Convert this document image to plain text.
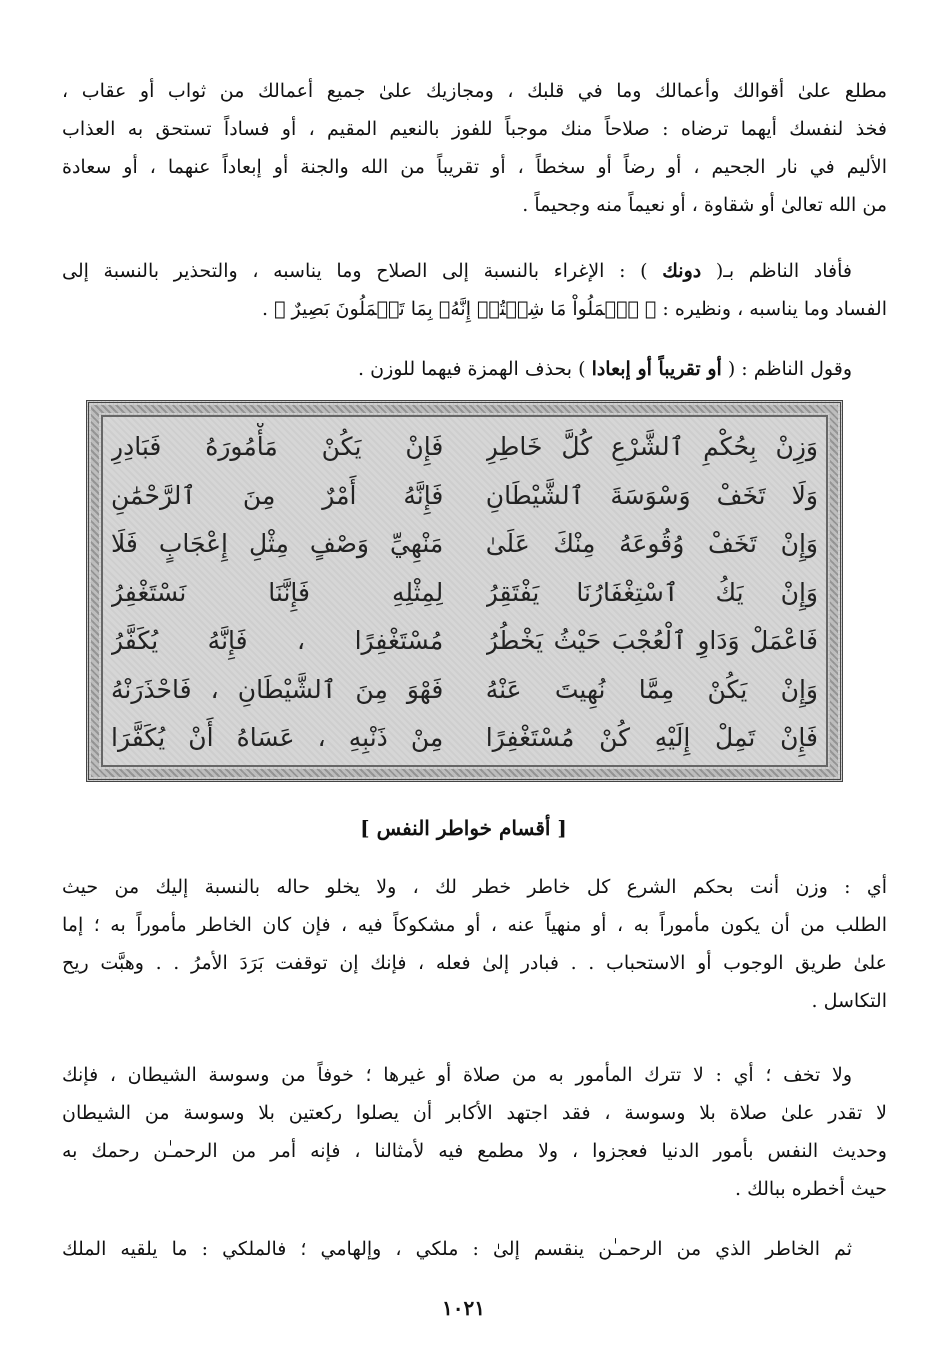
مطلع علىٰ أقوالك وأعمالك وما في قلبك ، ومجازيك علىٰ جميع أعمالك من ثواب أو عقاب ،
فخذ لنفسك أيهما ترضاه : صلاحاً منك موجباً للفوز بالنعيم المقيم ، أو فساداً تستحق به العذاب
الأليم في نار الجحيم ، أو رضاً أو سخطاً ، أو تقريباً من الله والجنة أو إبعاداً عنهما ، أو سعادة
من الله تعالىٰ أو شقاوة ، أو نعيماً منه وجحيماً .
فأفاد الناظم بـ( دونك ) : الإغراء بالنسبة إلى الصلاح وما يناسبه ، والتحذير بالنسبة إلى
الفساد وما يناسبه ، ونظيره : ﴿ ٱعۡمَلُواْ مَا شِئۡتُمۡ إِنَّهُۥ بِمَا تَعۡمَلُونَ بَصِيرٌ ﴾ .
وقول الناظم : ( أو تقريباً أو إبعادا ) بحذف الهمزة فيهما للوزن .
وَزِنْ بِحُكْمِ ٱلشَّرْعِ كُلَّ خَاطِرِ
فَإِنْ يَكُنْ مَأْمُورَهُ فَبَادِرِ
وَلَا تَخَفْ وَسْوَسَةَ ٱلشَّيْطَانِ
فَإِنَّهُ أَمْرٌ مِنَ ٱلرَّحْمَٰنِ
وَإِنْ تَخَفْ وُقُوعَهُ مِنْكَ عَلَىٰ
مَنْهِيِّ وَصْفٍ مِثْلِ إِعْجَابٍ فَلَا
وَإِنْ يَكُ ٱسْتِغْفَارُنَا يَفْتَقِرُ
لِمِثْلِهِ فَإِنَّنَا نَسْتَغْفِرُ
فَاعْمَلْ وَدَاوِ ٱلْعُجْبَ حَيْثُ يَخْطُرُ
مُسْتَغْفِرًا ، فَإِنَّهُ يُكَفَّرُ
وَإِنْ يَكُنْ مِمَّا نُهِيتَ عَنْهُ
فَهْوَ مِنَ ٱلشَّيْطَانِ ، فَاحْذَرَنْهُ
فَإِنْ تَمِلْ إِلَيْهِ كُنْ مُسْتَغْفِرًا
مِنْ ذَنْبِهِ ، عَسَاهُ أَنْ يُكَفَّرَا
[ أقسام خواطر النفس ]
أي : وزن أنت بحكم الشرع كل خاطر خطر لك ، ولا يخلو حاله بالنسبة إليك من حيث
الطلب من أن يكون مأموراً به ، أو منهياً عنه ، أو مشكوكاً فيه ، فإن كان الخاطر مأموراً به ؛ إما
علىٰ طريق الوجوب أو الاستحباب . . فبادر إلىٰ فعله ، فإنك إن توقفت بَرَدَ الأمرُ . . وهبَّت ريح
التكاسل .
ولا تخف ؛ أي : لا تترك المأمور به من صلاة أو غيرها ؛ خوفاً من وسوسة الشيطان ، فإنك
لا تقدر علىٰ صلاة بلا وسوسة ، فقد اجتهد الأكابر أن يصلوا ركعتين بلا وسوسة من الشيطان
وحديث النفس بأمور الدنيا فعجزوا ، ولا مطمع فيه لأمثالنا ، فإنه أمر من الرحمـٰن رحمك به
حيث أخطره ببالك .
ثم الخاطر الذي من الرحمـٰن ينقسم إلىٰ : ملكي ، وإلهامي ؛ فالملكي : ما يلقيه الملك
١٠٢١
